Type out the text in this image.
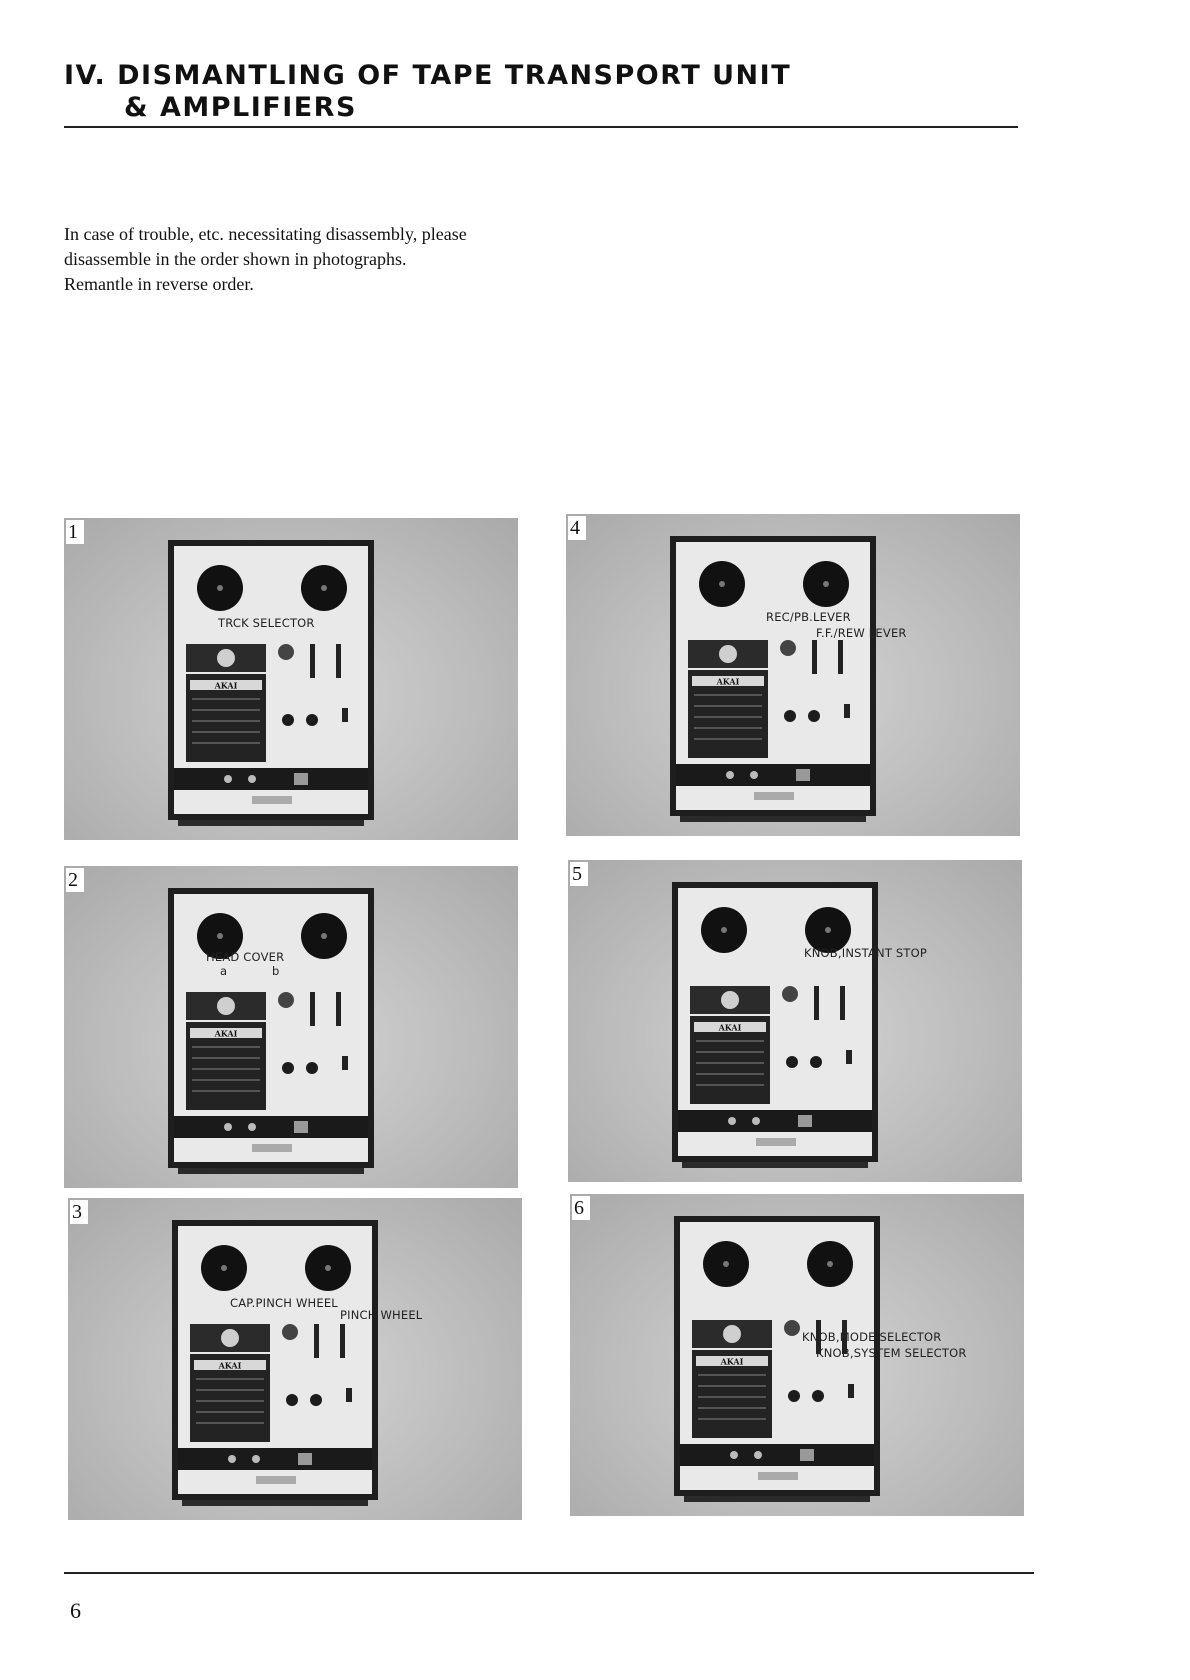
IV. DISMANTLING OF TAPE TRANSPORT UNIT
& AMPLIFIERS
In case of trouble, etc. necessitating disassembly, please
disassemble in the order shown in photographs.
Remantle in reverse order.
AKAI
1
TRCK SELECTOR
AKAI
4
REC/PB.LEVER
F.F./REW LEVER
AKAI
2
HEAD COVER
a	b
AKAI
5
KNOB,INSTANT STOP
AKAI
3
CAP.PINCH WHEEL
PINCH WHEEL
AKAI
6
KNOB,MODE SELECTOR
KNOB,SYSTEM SELECTOR
6
